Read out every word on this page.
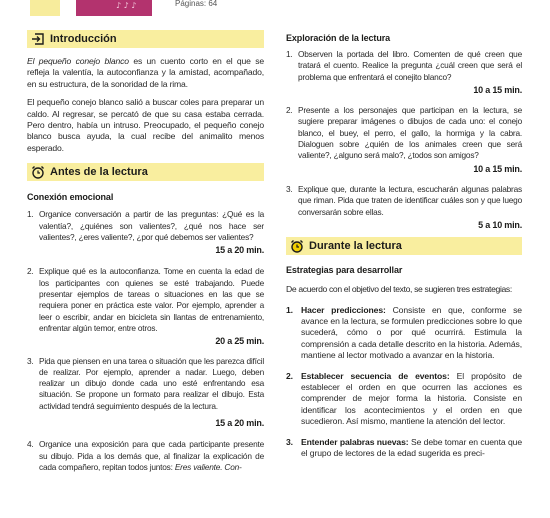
♪ ♪ ♪	Páginas: 64
Introducción

El pequeño conejo blanco es un cuento corto en el que se refleja la valentía, la autoconfianza y la amistad, acompañado, en su estructura, de la sonoridad de la rima.

El pequeño conejo blanco salió a buscar coles para preparar un caldo. Al regresar, se percató de que su casa estaba cerrada. Pero dentro, había un intruso. Preocupado, el pequeño conejo blanco busca ayuda, la cual recibe del animalito menos esperado.

Antes de la lectura
Conexión emocional
1. Organice conversación a partir de las preguntas: ¿Qué es la valentía?, ¿quiénes son valientes?, ¿qué nos hace ser valientes?, ¿eres valiente?, ¿por qué debemos ser valientes?
15 a 20 min.
2. Explique qué es la autoconfianza. Tome en cuenta la edad de los participantes con quienes se esté trabajando. Puede presentar ejemplos de tareas o situaciones en las que se requiera poner en práctica este valor. Por ejemplo, aprender a leer o escribir, andar en bicicleta sin llantas de entrenamiento, enfrentar algún temor, entre otros.
20 a 25 min.
3. Pida que piensen en una tarea o situación que les parezca difícil de realizar. Por ejemplo, aprender a nadar. Luego, deben realizar un dibujo donde cada uno esté enfrentando esa situación. Se propone un formato para realizar el dibujo. Esta actividad tendrá seguimiento después de la lectura.
15 a 20 min.
4. Organice una exposición para que cada participante presente su dibujo. Pida a los demás que, al finalizar la explicación de cada compañero, repitan todos juntos: Eres valiente. Con-
Exploración de la lectura
1. Observen la portada del libro. Comenten de qué creen que tratará el cuento. Realice la pregunta ¿cuál creen que será el problema que enfrentará el conejito blanco?
10 a 15 min.
2. Presente a los personajes que participan en la lectura, se sugiere preparar imágenes o dibujos de cada uno: el conejo blanco, el buey, el perro, el gallo, la hormiga y la cabra. Dialoguen sobre ¿quién de los animales creen que será valiente?, ¿alguno será malo?, ¿todos son amigos?
10 a 15 min.
3. Explique que, durante la lectura, escucharán algunas palabras que riman. Pida que traten de identificar cuáles son y que luego conversarán sobre ellas.
5 a 10 min.
Durante la lectura
Estrategias para desarrollar

De acuerdo con el objetivo del texto, se sugieren tres estrategias:

1. Hacer predicciones: Consiste en que, conforme se avance en la lectura, se formulen predicciones sobre lo que sucederá, cómo o por qué ocurrirá. Estimula la comprensión a cada detalle descrito en la historia. Además, mantiene al lector motivado a avanzar en la historia.
2. Establecer secuencia de eventos: El propósito de establecer el orden en que ocurren las acciones es comprender de mejor forma la historia. Consiste en identificar los acontecimientos y el orden en que sucedieron. Así mismo, mantiene la atención del lector.
3. Entender palabras nuevas: Se debe tomar en cuenta que el grupo de lectores de la edad sugerida es preci-
